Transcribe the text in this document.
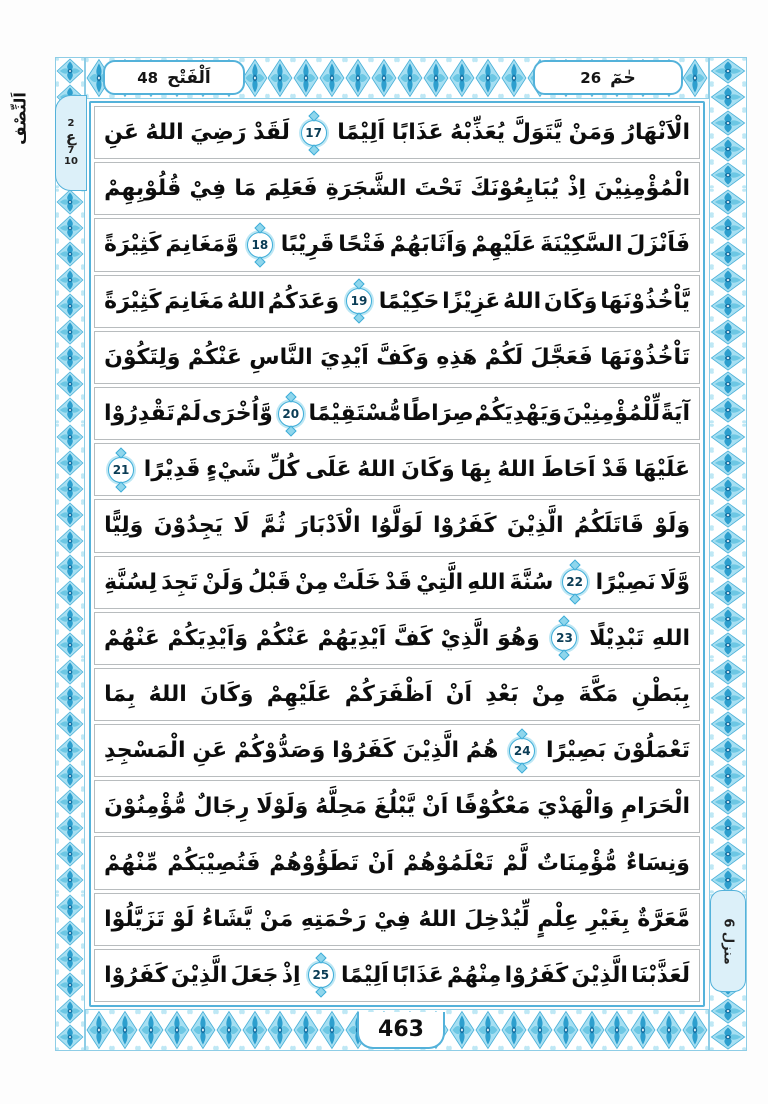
اَلْفَتْح
48	حٰمٓ
26
اَلنِّصْف	2
ع
7
10
منزل 6
463
الْاَنْهَارُ
وَمَنْ
يَّتَوَلَّ
يُعَذِّبْهُ
عَذَابًا
اَلِيْمًا
17
لَقَدْ
رَضِيَ
اللهُ
عَنِ
الْمُؤْمِنِيْنَ
اِذْ
يُبَايِعُوْنَكَ
تَحْتَ
الشَّجَرَةِ
فَعَلِمَ
مَا
فِيْ
قُلُوْبِهِمْ
فَاَنْزَلَ
السَّكِيْنَةَ
عَلَيْهِمْ
وَاَثَابَهُمْ
فَتْحًا
قَرِيْبًا
18
وَّمَغَانِمَ
كَثِيْرَةً
يَّاْخُذُوْنَهَا
وَكَانَ
اللهُ
عَزِيْزًا
حَكِيْمًا
19
وَعَدَكُمُ
اللهُ
مَغَانِمَ
كَثِيْرَةً
تَاْخُذُوْنَهَا
فَعَجَّلَ
لَكُمْ
هَذِهِ
وَكَفَّ
اَيْدِيَ
النَّاسِ
عَنْكُمْ
وَلِتَكُوْنَ
آيَةً
لِّلْمُؤْمِنِيْنَ
وَيَهْدِيَكُمْ
صِرَاطًا
مُّسْتَقِيْمًا
20
وَّاُخْرَى
لَمْ
تَقْدِرُوْا
عَلَيْهَا
قَدْ
اَحَاطَ
اللهُ
بِهَا
وَكَانَ
اللهُ
عَلَى
كُلِّ
شَيْءٍ
قَدِيْرًا
21
وَلَوْ
قَاتَلَكُمُ
الَّذِيْنَ
كَفَرُوْا
لَوَلَّوُا
الْاَدْبَارَ
ثُمَّ
لَا
يَجِدُوْنَ
وَلِيًّا
وَّلَا
نَصِيْرًا
22
سُنَّةَ
اللهِ
الَّتِيْ
قَدْ
خَلَتْ
مِنْ
قَبْلُ
وَلَنْ
تَجِدَ
لِسُنَّةِ
اللهِ
تَبْدِيْلًا
23
وَهُوَ
الَّذِيْ
كَفَّ
اَيْدِيَهُمْ
عَنْكُمْ
وَاَيْدِيَكُمْ
عَنْهُمْ
بِبَطْنِ
مَكَّةَ
مِنْ
بَعْدِ
اَنْ
اَظْفَرَكُمْ
عَلَيْهِمْ
وَكَانَ
اللهُ
بِمَا
تَعْمَلُوْنَ
بَصِيْرًا
24
هُمُ
الَّذِيْنَ
كَفَرُوْا
وَصَدُّوْكُمْ
عَنِ
الْمَسْجِدِ
الْحَرَامِ
وَالْهَدْيَ
مَعْكُوْفًا
اَنْ
يَّبْلُغَ
مَحِلَّهُ
وَلَوْلَا
رِجَالٌ
مُّؤْمِنُوْنَ
وَنِسَاءٌ
مُّؤْمِنَاتٌ
لَّمْ
تَعْلَمُوْهُمْ
اَنْ
تَطَؤُوْهُمْ
فَتُصِيْبَكُمْ
مِّنْهُمْ
مَّعَرَّةٌ
بِغَيْرِ
عِلْمٍ
لِّيُدْخِلَ
اللهُ
فِيْ
رَحْمَتِهِ
مَنْ
يَّشَاءُ
لَوْ
تَزَيَّلُوْا
لَعَذَّبْنَا
الَّذِيْنَ
كَفَرُوْا
مِنْهُمْ
عَذَابًا
اَلِيْمًا
25
اِذْ
جَعَلَ
الَّذِيْنَ
كَفَرُوْا
